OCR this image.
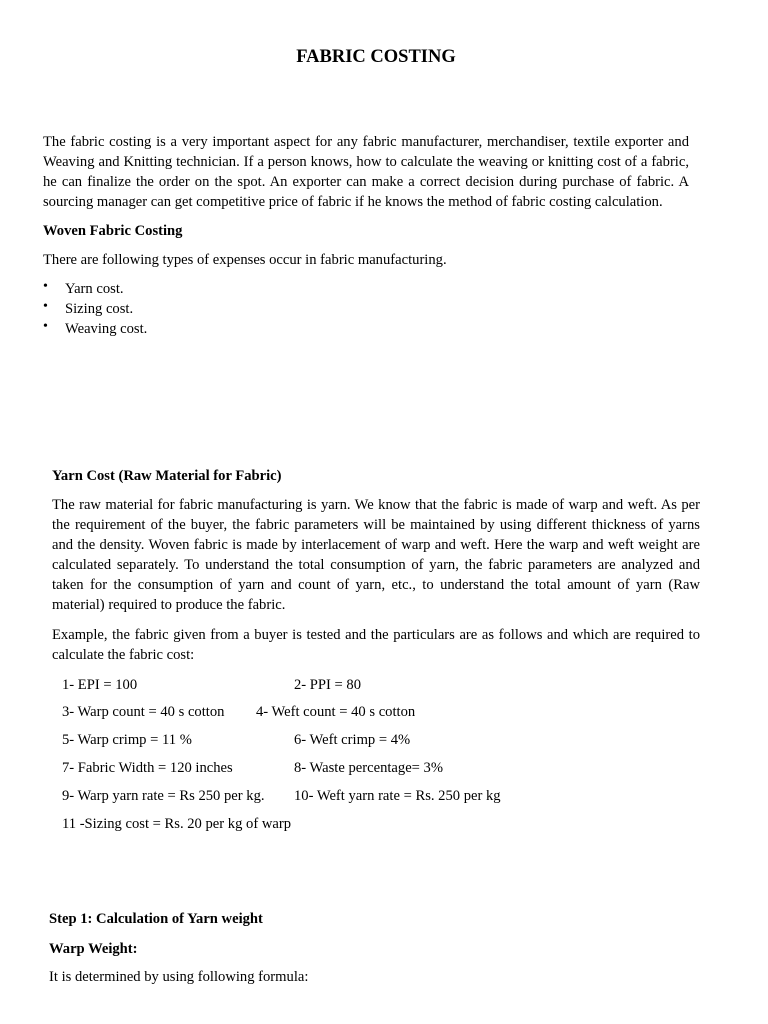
FABRIC COSTING

The fabric costing is a very important aspect for any fabric manufacturer, merchandiser, textile exporter and Weaving and Knitting technician. If a person knows, how to calculate the weaving or knitting cost of a fabric, he can finalize the order on the spot. An exporter can make a correct decision during purchase of fabric. A sourcing manager can get competitive price of fabric if he knows the method of fabric costing calculation.

Woven Fabric Costing
There are following types of expenses occur in fabric manufacturing.
• Yarn cost.
• Sizing cost.
• Weaving cost.
Yarn Cost (Raw Material for Fabric)

The raw material for fabric manufacturing is yarn. We know that the fabric is made of warp and weft. As per the requirement of the buyer, the fabric parameters will be maintained by using different thickness of yarns and the density. Woven fabric is made by interlacement of warp and weft. Here the warp and weft weight are calculated separately. To understand the total consumption of yarn, the fabric parameters are analyzed and taken for the consumption of yarn and count of yarn, etc., to understand the total amount of yarn (Raw material) required to produce the fabric.

Example, the fabric given from a buyer is tested and the particulars are as follows and which are required to calculate the fabric cost:

1- EPI = 100	2- PPI = 80
3- Warp count = 40 s cotton 4- Weft count = 40 s cotton
5- Warp crimp = 11 %	6- Weft crimp = 4%
7- Fabric Width = 120 inches	8- Waste percentage= 3%
9- Warp yarn rate = Rs 250 per kg. 10- Weft yarn rate = Rs. 250 per kg
11 -Sizing cost = Rs. 20 per kg of warp
Step 1: Calculation of Yarn weight
Warp Weight:
It is determined by using following formula:
